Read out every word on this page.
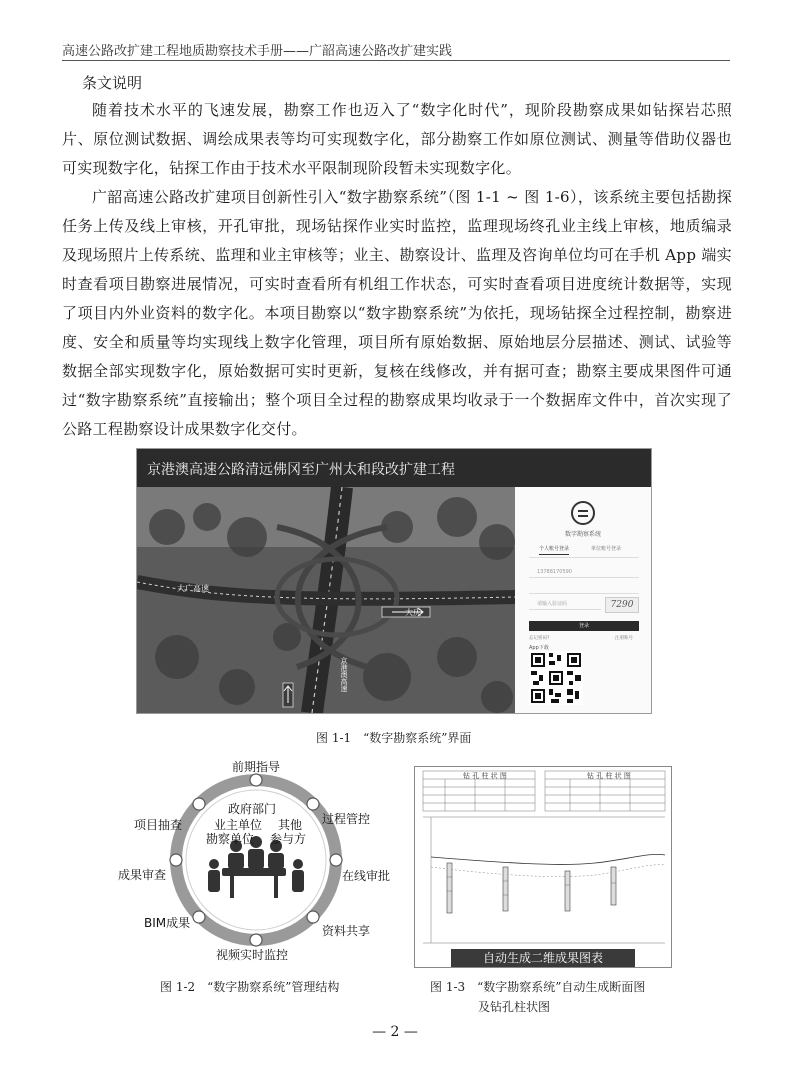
高速公路改扩建工程地质勘察技术手册——广韶高速公路改扩建实践
条文说明

随着技术水平的飞速发展，勘察工作也迈入了“数字化时代”，现阶段勘察成果如钻探岩芯照片、原位测试数据、调绘成果表等均可实现数字化，部分勘察工作如原位测试、测量等借助仪器也可实现数字化，钻探工作由于技术水平限制现阶段暂未实现数字化。

广韶高速公路改扩建项目创新性引入“数字勘察系统”（图 1-1 ~ 图 1-6），该系统主要包括勘探任务上传及线上审核，开孔审批，现场钻探作业实时监控，监理现场终孔业主线上审核，地质编录及现场照片上传系统、监理和业主审核等；业主、勘察设计、监理及咨询单位均可在手机 App 端实时查看项目勘察进展情况，可实时查看所有机组工作状态，可实时查看项目进度统计数据等，实现了项目内外业资料的数字化。本项目勘察以“数字勘察系统”为依托，现场钻探全过程控制，勘察进度、安全和质量等均实现线上数字化管理，项目所有原始数据、原始地层分层描述、测试、试验等数据全部实现数字化，原始数据可实时更新，复核在线修改，并有据可查；勘察主要成果图件可通过“数字勘察系统”直接输出；整个项目全过程的勘察成果均收录于一个数据库文件中，首次实现了公路工程勘察设计成果数字化交付。

京港澳高速公路清远佛冈至广州太和段改扩建工程
大广高速
大庆
京港澳高速
数字勘察系统
个人账号登录	单位账号登录
13788170590
请输入验证码	7290
登录
忘记密码?	注册账号
App下载
图 1-1　“数字勘察系统”界面
前期指导
过程管控
在线审批
资料共享
视频实时监控
BIM成果
成果审查
项目抽查
政府部门
业主单位 其他
参与方
勘察单位
图 1-2　“数字勘察系统”管理结构
钻 孔 柱 状 图	钻 孔 柱 状 图
自动生成二维成果图表
图 1-3　“数字勘察系统”自动生成断面图
及钻孔柱状图
— 2 —
